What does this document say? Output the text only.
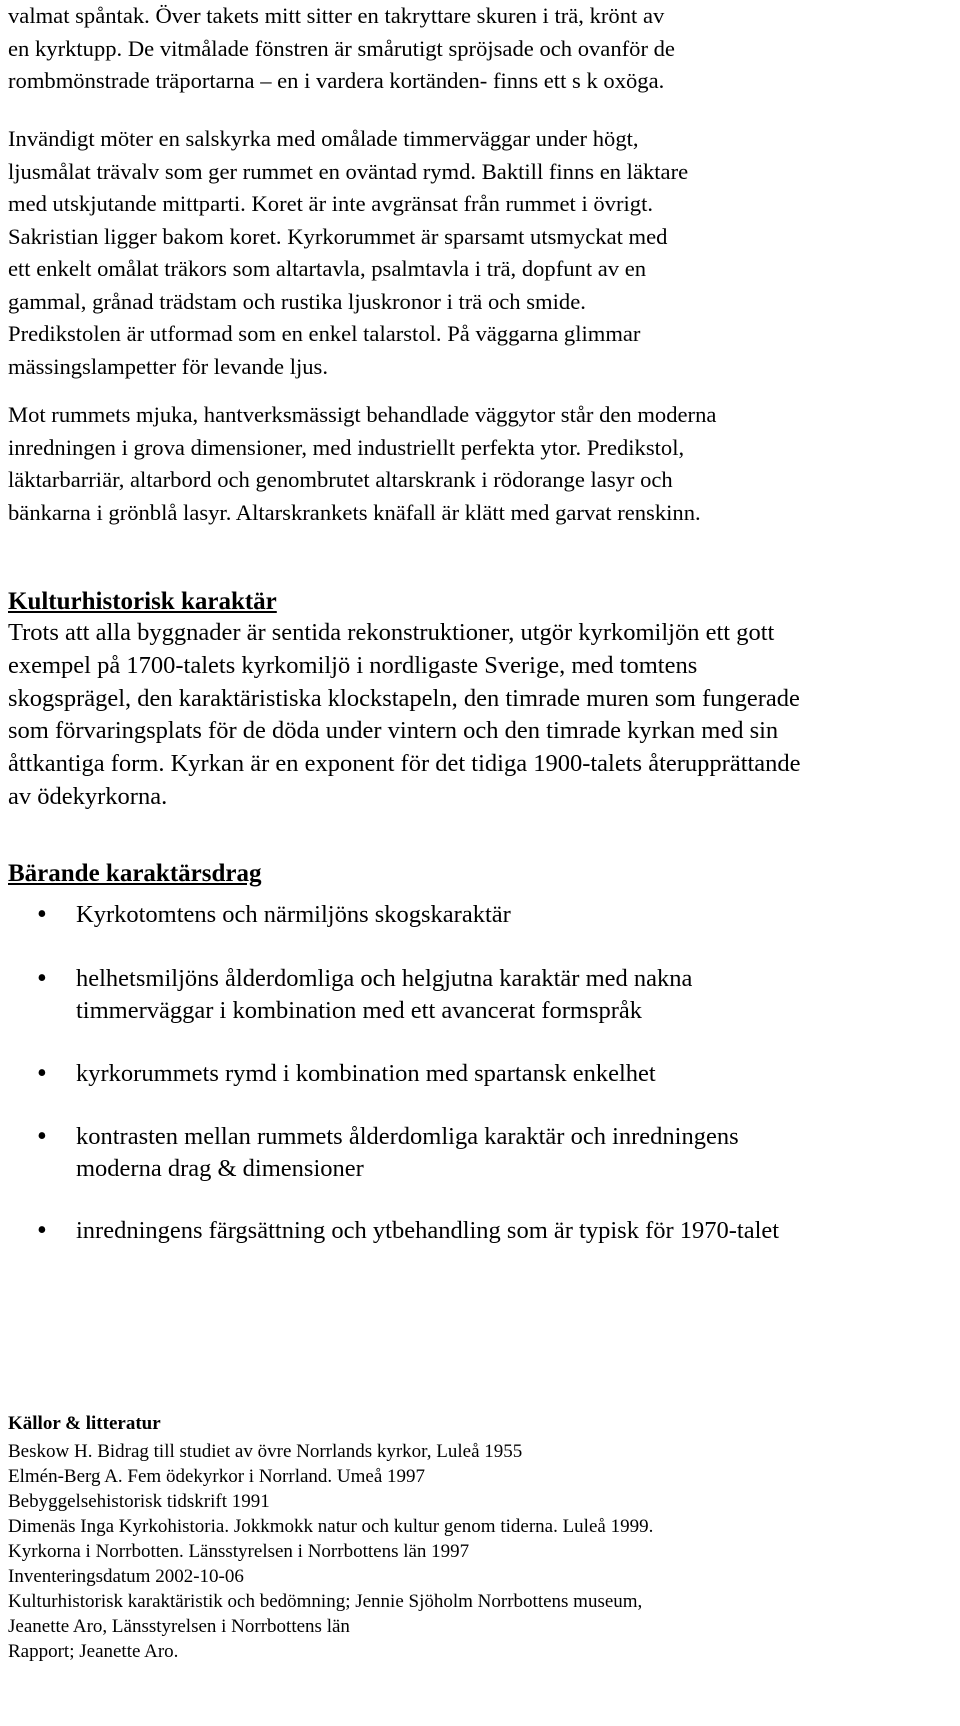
valmat spåntak. Över takets mitt sitter en takryttare skuren i trä, krönt av
en kyrktupp. De vitmålade fönstren är smårutigt spröjsade och ovanför de
rombmönstrade träportarna – en i vardera kortänden- finns ett s k oxöga.

Invändigt möter en salskyrka med omålade timmerväggar under högt,
ljusmålat trävalv som ger rummet en oväntad rymd. Baktill finns en läktare
med utskjutande mittparti. Koret är inte avgränsat från rummet i övrigt.
Sakristian ligger bakom koret. Kyrkorummet är sparsamt utsmyckat med
ett enkelt omålat träkors som altartavla, psalmtavla i trä, dopfunt av en
gammal, grånad trädstam och rustika ljuskronor i trä och smide.
Predikstolen är utformad som en enkel talarstol. På väggarna glimmar
mässingslampetter för levande ljus.

Mot rummets mjuka, hantverksmässigt behandlade väggytor står den moderna
inredningen i grova dimensioner, med industriellt perfekta ytor. Predikstol,
läktarbarriär, altarbord och genombrutet altarskrank i rödorange lasyr och
bänkarna i grönblå lasyr. Altarskrankets knäfall är klätt med garvat renskinn.

Kulturhistorisk karaktär

Trots att alla byggnader är sentida rekonstruktioner, utgör kyrkomiljön ett gott
exempel på 1700-talets kyrkomiljö i nordligaste Sverige, med tomtens
skogsprägel, den karaktäristiska klockstapeln, den timrade muren som fungerade
som förvaringsplats för de döda under vintern och den timrade kyrkan med sin
åttkantiga form. Kyrkan är en exponent för det tidiga 1900-talets återupprättande
av ödekyrkorna.

Bärande karaktärsdrag
• Kyrkotomtens och närmiljöns skogskaraktär
• helhetsmiljöns ålderdomliga och helgjutna karaktär med nakna
timmerväggar i kombination med ett avancerat formspråk
• kyrkorummets rymd i kombination med spartansk enkelhet
• kontrasten mellan rummets ålderdomliga karaktär och inredningens
moderna drag & dimensioner
• inredningens färgsättning och ytbehandling som är typisk för 1970-talet
Källor & litteratur

Beskow H. Bidrag till studiet av övre Norrlands kyrkor, Luleå 1955

Elmén-Berg A. Fem ödekyrkor i Norrland. Umeå 1997

Bebyggelsehistorisk tidskrift 1991

Dimenäs Inga Kyrkohistoria. Jokkmokk natur och kultur genom tiderna. Luleå 1999.

Kyrkorna i Norrbotten. Länsstyrelsen i Norrbottens län 1997

Inventeringsdatum 2002-10-06

Kulturhistorisk karaktäristik och bedömning; Jennie Sjöholm Norrbottens museum,

Jeanette Aro, Länsstyrelsen i Norrbottens län

Rapport; Jeanette Aro.
